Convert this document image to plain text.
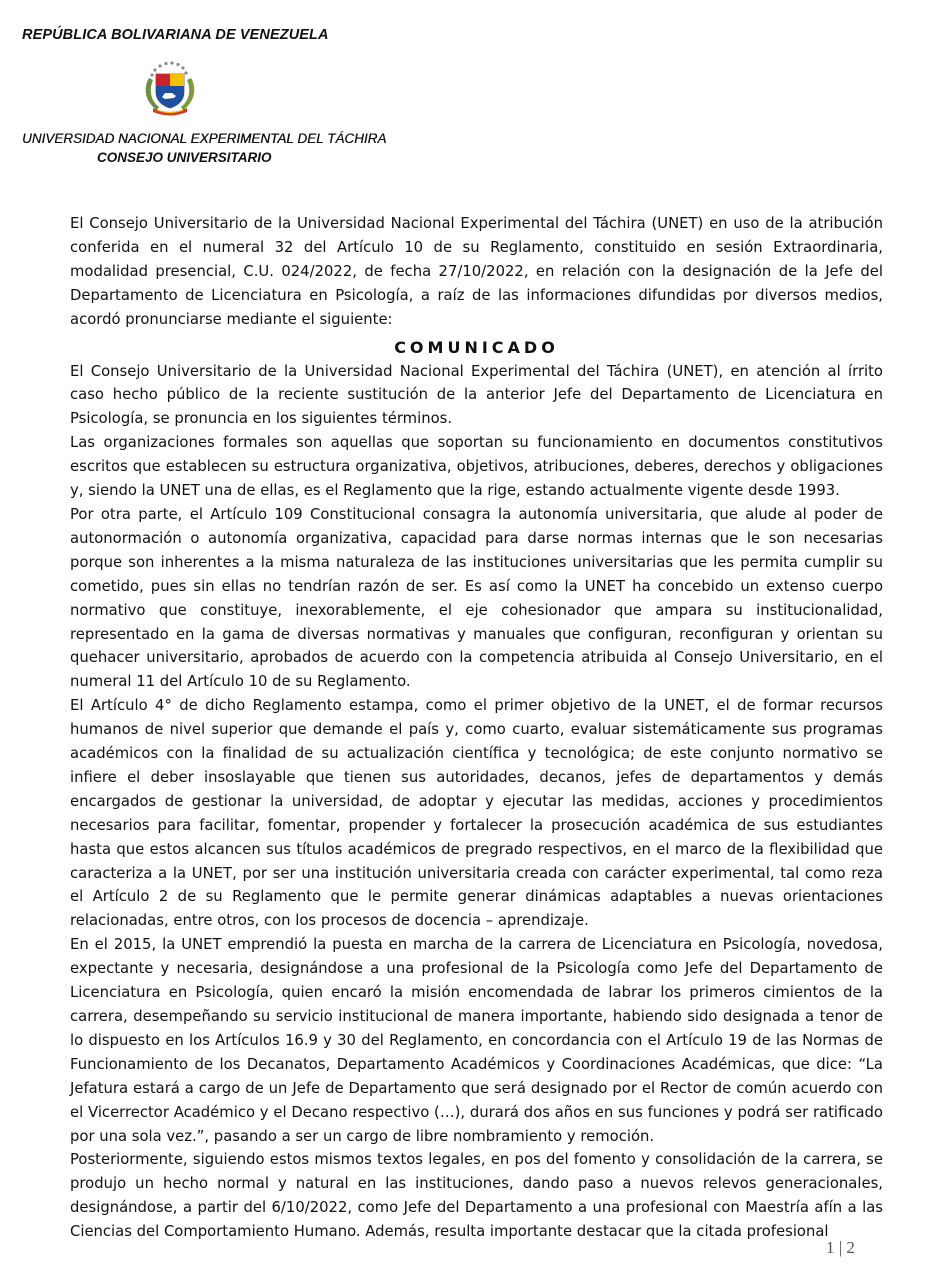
REPÚBLICA BOLIVARIANA DE VENEZUELA
UNIVERSIDAD NACIONAL EXPERIMENTAL DEL TÁCHIRA
CONSEJO UNIVERSITARIO

El Consejo Universitario de la Universidad Nacional Experimental del Táchira (UNET) en uso de la atribución conferida en el numeral 32 del Artículo 10 de su Reglamento, constituido en sesión Extraordinaria, modalidad presencial, C.U. 024/2022, de fecha 27/10/2022, en relación con la designación de la Jefe del Departamento de Licenciatura en Psicología, a raíz de las informaciones difundidas por diversos medios, acordó pronunciarse mediante el siguiente:

COMUNICADO

El Consejo Universitario de la Universidad Nacional Experimental del Táchira (UNET), en atención al írrito caso hecho público de la reciente sustitución de la anterior Jefe del Departamento de Licenciatura en Psicología, se pronuncia en los siguientes términos.

Las organizaciones formales son aquellas que soportan su funcionamiento en documentos constitutivos escritos que establecen su estructura organizativa, objetivos, atribuciones, deberes, derechos y obligaciones y, siendo la UNET una de ellas, es el Reglamento que la rige, estando actualmente vigente desde 1993.

Por otra parte, el Artículo 109 Constitucional consagra la autonomía universitaria, que alude al poder de autonormación o autonomía organizativa, capacidad para darse normas internas que le son necesarias porque son inherentes a la misma naturaleza de las instituciones universitarias que les permita cumplir su cometido, pues sin ellas no tendrían razón de ser. Es así como la UNET ha concebido un extenso cuerpo normativo que constituye, inexorablemente, el eje cohesionador que ampara su institucionalidad, representado en la gama de diversas normativas y manuales que configuran, reconfiguran y orientan su quehacer universitario, aprobados de acuerdo con la competencia atribuida al Consejo Universitario, en el numeral 11 del Artículo 10 de su Reglamento.

El Artículo 4° de dicho Reglamento estampa, como el primer objetivo de la UNET, el de formar recursos humanos de nivel superior que demande el país y, como cuarto, evaluar sistemáticamente sus programas académicos con la finalidad de su actualización científica y tecnológica; de este conjunto normativo se infiere el deber insoslayable que tienen sus autoridades, decanos, jefes de departamentos y demás encargados de gestionar la universidad, de adoptar y ejecutar las medidas, acciones y procedimientos necesarios para facilitar, fomentar, propender y fortalecer la prosecución académica de sus estudiantes hasta que estos alcancen sus títulos académicos de pregrado respectivos, en el marco de la flexibilidad que caracteriza a la UNET, por ser una institución universitaria creada con carácter experimental, tal como reza el Artículo 2 de su Reglamento que le permite generar dinámicas adaptables a nuevas orientaciones relacionadas, entre otros, con los procesos de docencia – aprendizaje.

En el 2015, la UNET emprendió la puesta en marcha de la carrera de Licenciatura en Psicología, novedosa, expectante y necesaria, designándose a una profesional de la Psicología como Jefe del Departamento de Licenciatura en Psicología, quien encaró la misión encomendada de labrar los primeros cimientos de la carrera, desempeñando su servicio institucional de manera importante, habiendo sido designada a tenor de lo dispuesto en los Artículos 16.9 y 30 del Reglamento, en concordancia con el Artículo 19 de las Normas de Funcionamiento de los Decanatos, Departamento Académicos y Coordinaciones Académicas, que dice: “La Jefatura estará a cargo de un Jefe de Departamento que será designado por el Rector de común acuerdo con el Vicerrector Académico y el Decano respectivo (…), durará dos años en sus funciones y podrá ser ratificado por una sola vez.”, pasando a ser un cargo de libre nombramiento y remoción.

Posteriormente, siguiendo estos mismos textos legales, en pos del fomento y consolidación de la carrera, se produjo un hecho normal y natural en las instituciones, dando paso a nuevos relevos generacionales, designándose, a partir del 6/10/2022, como Jefe del Departamento a una profesional con Maestría afín a las Ciencias del Comportamiento Humano. Además, resulta importante destacar que la citada profesional

1 | 2
